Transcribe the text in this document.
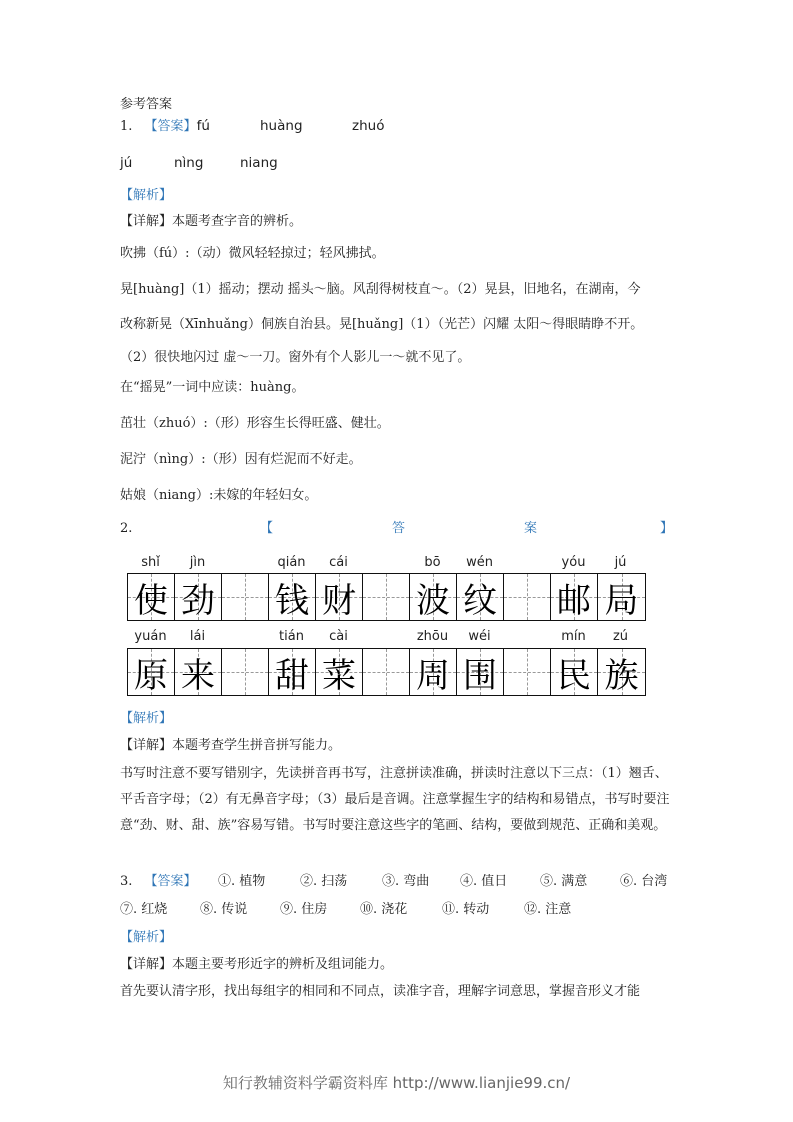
参考答案
1. 【答案】fú	huàng	zhuó
jú	nìng	niang
【解析】
【详解】本题考查字音的辨析。
吹拂（fú）:（动）微风轻轻掠过；轻风拂拭。
晃[huàng]（1）摇动；摆动 摇头～脑。风刮得树枝直～。（2）晃县，旧地名，在湖南，今
改称新晃（Xīnhuǎng）侗族自治县。晃[huǎng]（1）（光芒）闪耀 太阳～得眼睛睁不开。
（2）很快地闪过 虚～一刀。窗外有个人影儿一～就不见了。
在“摇晃”一词中应读：huàng。
茁壮（zhuó）:（形）形容生长得旺盛、健壮。
泥泞（nìng）:（形）因有烂泥而不好走。
姑娘（niang）:未嫁的年轻妇女。
2.	【	答	案	】
shǐ	jìn	qián	cái	bō	wén	yóu	jú
使 劲 钱 财 波 纹 邮 局
yuán	lái	tián	cài	zhōu	wéi	mín	zú
原 来 甜 菜 周 围 民 族
【解析】
【详解】本题考查学生拼音拼写能力。
书写时注意不要写错别字，先读拼音再书写，注意拼读准确，拼读时注意以下三点：（1）翘舌、平舌音字母；（2）有无鼻音字母；（3）最后是音调。注意掌握生字的结构和易错点，书写时要注意“劲、财、甜、族”容易写错。书写时要注意这些字的笔画、结构，要做到规范、正确和美观。
3. 【答案】 ①. 植物	②. 扫荡	③. 弯曲 ④. 值日	⑤. 满意	⑥. 台湾
⑦. 红烧	⑧. 传说	⑨. 住房	⑩. 浇花	⑪. 转动	⑫. 注意
【解析】
【详解】本题主要考形近字的辨析及组词能力。
首先要认清字形，找出每组字的相同和不同点，读准字音，理解字词意思，掌握音形义才能
知行教辅资料学霸资料库 http://www.lianjie99.cn/
